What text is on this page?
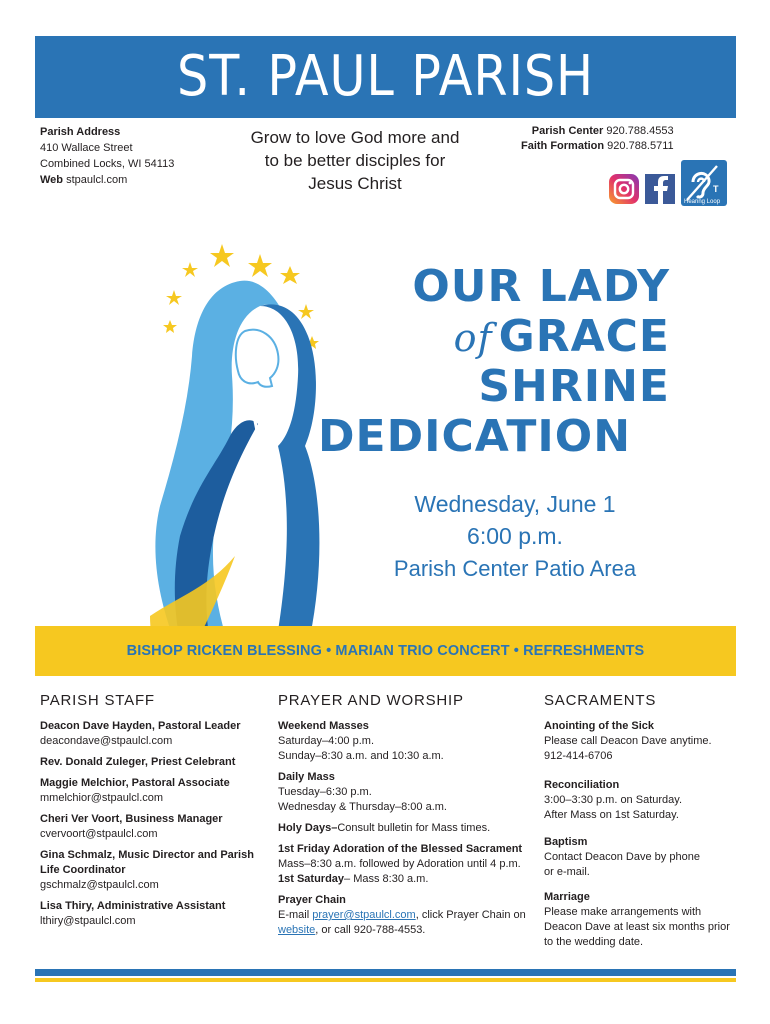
ST. PAUL PARISH
Parish Address
410 Wallace Street
Combined Locks, WI 54113
Web stpaulcl.com
Grow to love God more and
to be better disciples for
Jesus Christ
Parish Center 920.788.4553
Faith Formation 920.788.5711
T
Hearing Loop
SIXTH SUNDAY OF EASTER	MAY 22, 2022
OUR LADY
of GRACE
SHRINE
DEDICATION
Wednesday, June 1
6:00 p.m.
Parish Center Patio Area
BISHOP RICKEN BLESSING • MARIAN TRIO CONCERT • REFRESHMENTS
PARISH STAFF
Deacon Dave Hayden, Pastoral Leader
deacondave@stpaulcl.com
Rev. Donald Zuleger, Priest Celebrant
Maggie Melchior, Pastoral Associate
mmelchior@stpaulcl.com
Cheri Ver Voort, Business Manager
cvervoort@stpaulcl.com
Gina Schmalz, Music Director and Parish Life Coordinator
gschmalz@stpaulcl.com
Lisa Thiry, Administrative Assistant
lthiry@stpaulcl.com
PRAYER AND WORSHIP
Weekend Masses
Saturday–4:00 p.m.
Sunday–8:30 a.m. and 10:30 a.m.
Daily Mass
Tuesday–6:30 p.m.
Wednesday & Thursday–8:00 a.m.
Holy Days–Consult bulletin for Mass times.
1st Friday Adoration of the Blessed Sacrament
Mass–8:30 a.m. followed by Adoration until 4 p.m.
1st Saturday– Mass 8:30 a.m.
Prayer Chain
E-mail prayer@stpaulcl.com, click Prayer Chain on
website, or call 920-788-4553.
SACRAMENTS
Anointing of the Sick
Please call Deacon Dave anytime.
912-414-6706
Reconciliation
3:00–3:30 p.m. on Saturday.
After Mass on 1st Saturday.
Baptism
Contact Deacon Dave by phone
or e-mail.
Marriage
Please make arrangements with
Deacon Dave at least six months prior
to the wedding date.
